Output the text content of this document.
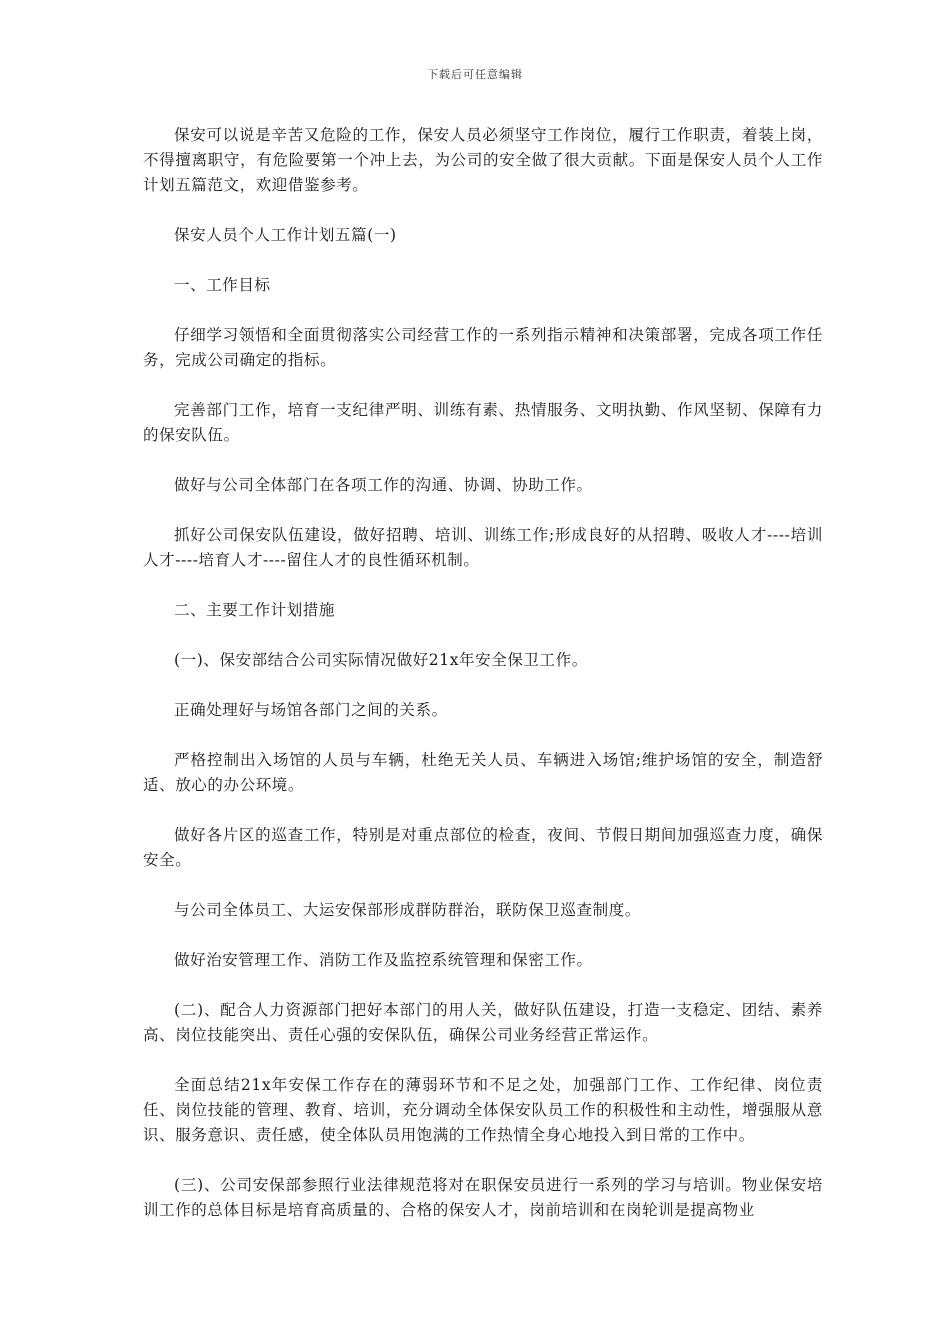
下载后可任意编辑

保安可以说是辛苦又危险的工作，保安人员必须坚守工作岗位，履行工作职责，着装上岗，不得擅离职守，有危险要第一个冲上去，为公司的安全做了很大贡献。下面是保安人员个人工作计划五篇范文，欢迎借鉴参考。

保安人员个人工作计划五篇(一)

一、工作目标

仔细学习领悟和全面贯彻落实公司经营工作的一系列指示精神和决策部署，完成各项工作任务，完成公司确定的指标。

完善部门工作，培育一支纪律严明、训练有素、热情服务、文明执勤、作风坚韧、保障有力的保安队伍。

做好与公司全体部门在各项工作的沟通、协调、协助工作。

抓好公司保安队伍建设，做好招聘、培训、训练工作;形成良好的从招聘、吸收人才----培训人才----培育人才----留住人才的良性循环机制。

二、主要工作计划措施

(一)、保安部结合公司实际情况做好21x年安全保卫工作。

正确处理好与场馆各部门之间的关系。

严格控制出入场馆的人员与车辆，杜绝无关人员、车辆进入场馆;维护场馆的安全，制造舒适、放心的办公环境。

做好各片区的巡查工作，特别是对重点部位的检查，夜间、节假日期间加强巡查力度，确保安全。

与公司全体员工、大运安保部形成群防群治，联防保卫巡查制度。

做好治安管理工作、消防工作及监控系统管理和保密工作。

(二)、配合人力资源部门把好本部门的用人关，做好队伍建设，打造一支稳定、团结、素养高、岗位技能突出、责任心强的安保队伍，确保公司业务经营正常运作。

全面总结21x年安保工作存在的薄弱环节和不足之处，加强部门工作、工作纪律、岗位责任、岗位技能的管理、教育、培训，充分调动全体保安队员工作的积极性和主动性，增强服从意识、服务意识、责任感，使全体队员用饱满的工作热情全身心地投入到日常的工作中。

(三)、公司安保部参照行业法律规范将对在职保安员进行一系列的学习与培训。物业保安培训工作的总体目标是培育高质量的、合格的保安人才，岗前培训和在岗轮训是提高物业
